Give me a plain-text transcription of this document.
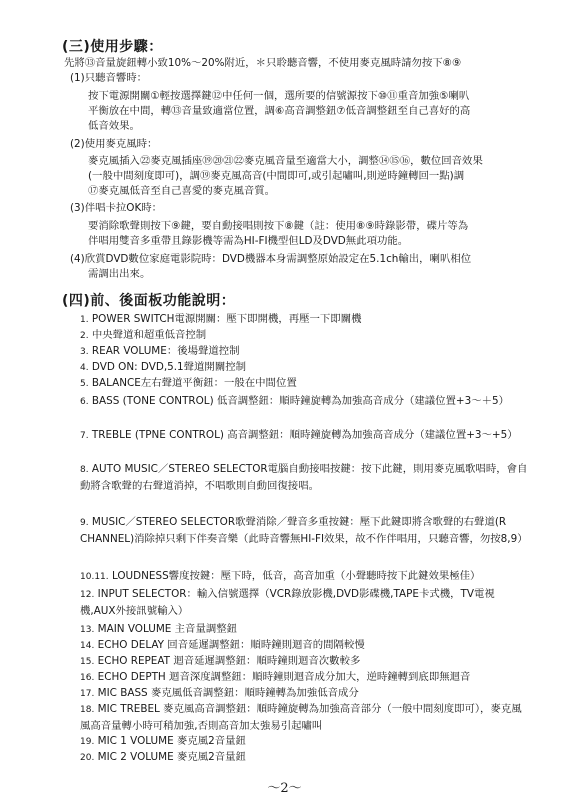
(三)使用步驟：
先將⑬音量旋鈕轉小致10%～20%附近，＊只聆聽音響，不使用麥克風時請勿按下⑧⑨
(1)只聽音響時：
按下電源開關①輕按選擇鍵⑫中任何一個，選所要的信號源按下⑩⑪重音加強⑤喇叭
平衡放在中間，轉⑬音量致適當位置，調⑥高音調整鈕⑦低音調整鈕至自己喜好的高
低音效果。
(2)使用麥克風時：
麥克風插入㉒麥克風插座⑲⑳㉑㉒麥克風音量至適當大小，調整⑭⑮⑯，數位回音效果
(一般中間刻度即可)，調⑲麥克風高音(中間即可,或引起嘯叫,則逆時鐘轉回一點)調
⑰麥克風低音至自己喜愛的麥克風音質。
(3)伴唱卡拉OK時：
要消除歌聲則按下⑨鍵，要自動接唱則按下⑧鍵（註：使用⑧⑨時錄影帶，碟片等為
伴唱用雙音多重帶且錄影機等需為HI-FI機型但LD及DVD無此項功能。
(4)欣賞DVD數位家庭電影院時：DVD機器本身需調整原始設定在5.1ch輸出，喇叭相位
需調出出來。
(四)前、後面板功能說明：
1. POWER SWITCH電源開關：壓下即開機，再壓一下即關機
2. 中央聲道和超重低音控制
3. REAR VOLUME：後場聲道控制
4. DVD ON: DVD,5.1聲道開關控制
5. BALANCE左右聲道平衡鈕：一般在中間位置
6. BASS (TONE CONTROL) 低音調整鈕：順時鐘旋轉為加強高音成分（建議位置+3～＋5）
7. TREBLE (TPNE CONTROL) 高音調整鈕：順時鐘旋轉為加強高音成分（建議位置+3～+5）
8. AUTO MUSIC／STEREO SELECTOR電腦自動接唱按鍵：按下此鍵，則用麥克風歌唱時，會自動將含歌聲的右聲道消掉，不唱歌則自動回復接唱。
9. MUSIC／STEREO SELECTOR歌聲消除／聲音多重按鍵：壓下此鍵即將含歌聲的右聲道(R CHANNEL)消除掉只剩下伴奏音樂（此時音響無HI-FI效果，故不作伴唱用，只聽音響，勿按8,9）
10.11. LOUDNESS響度按鍵：壓下時，低音，高音加重（小聲聽時按下此鍵效果極佳）
12. INPUT SELECTOR：輸入信號選擇（VCR錄放影機,DVD影碟機,TAPE卡式機，TV電視機,AUX外接訊號輸入）
13. MAIN VOLUME 主音量調整鈕
14. ECHO DELAY 回音延遲調整鈕：順時鐘則迴音的間隔較慢
15. ECHO REPEAT 迴音延遲調整鈕：順時鐘則迴音次數較多
16. ECHO DEPTH 迴音深度調整鈕：順時鐘則迴音成分加大，逆時鐘轉到底即無迴音
17. MIC BASS 麥克風低音調整鈕：順時鐘轉為加強低音成分
18. MIC TREBEL 麥克風高音調整鈕：順時鐘旋轉為加強高音部分（一般中間刻度即可），麥克風風高音量轉小時可稍加強,否則高音加太強易引起嘯叫
19. MIC 1 VOLUME 麥克風2音量鈕
20. MIC 2 VOLUME 麥克風2音量鈕
～2～
